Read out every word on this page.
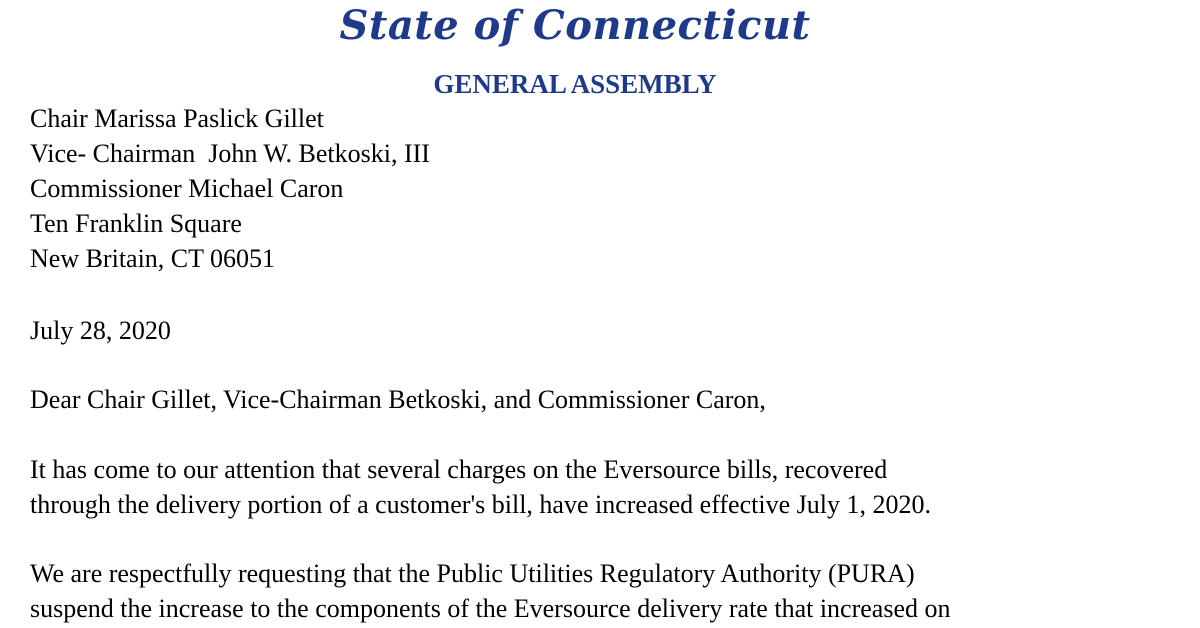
State of Connecticut
GENERAL ASSEMBLY
Chair Marissa Paslick Gillet
Vice- Chairman  John W. Betkoski, III
Commissioner Michael Caron
Ten Franklin Square
New Britain, CT 06051
July 28, 2020
Dear Chair Gillet, Vice-Chairman Betkoski, and Commissioner Caron,
It has come to our attention that several charges on the Eversource bills, recovered
through the delivery portion of a customer's bill, have increased effective July 1, 2020.
We are respectfully requesting that the Public Utilities Regulatory Authority (PURA)
suspend the increase to the components of the Eversource delivery rate that increased on
